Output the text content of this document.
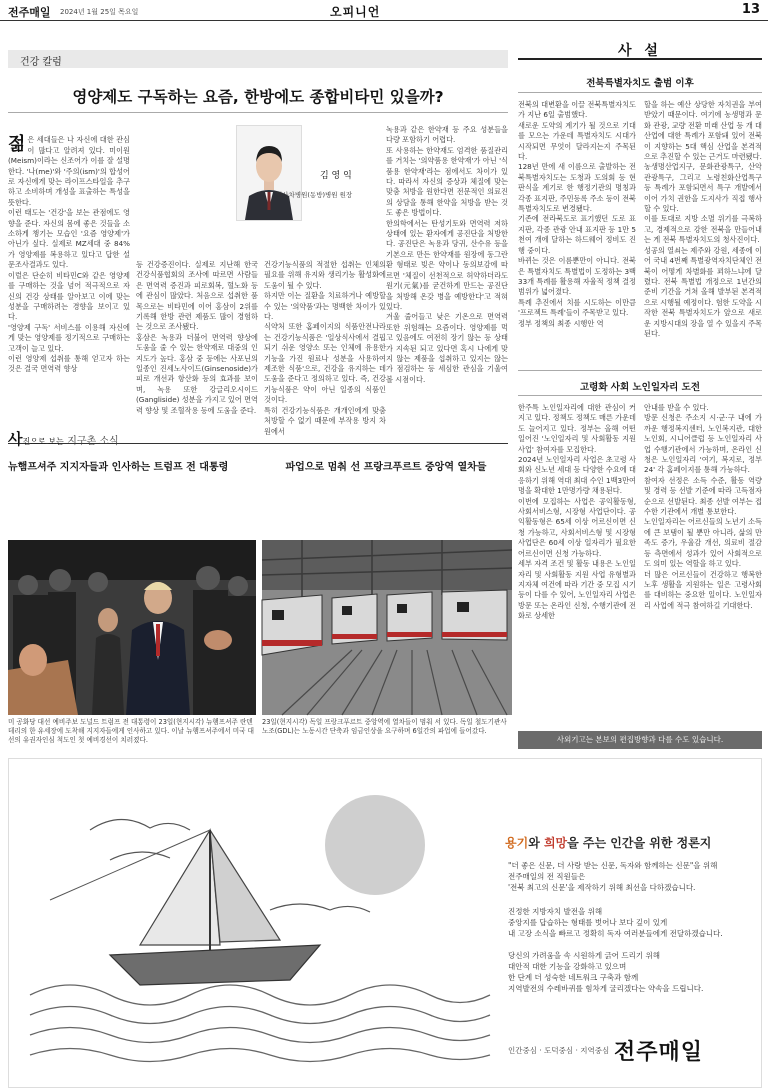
전주매일 2024년 1월 25일 목요일	오피니언	13
건강 칼럼
영양제도 구독하는 요즘, 한방에도 종합비타민 있을까?

젊은 세대들은 나 자신에 대한 관심이 많다고 알려져 있다. 미이원(Meism)이라는 신조어가 이를 잘 설명한다. '나(me)'와 '주의(ism)'의 합성어로 자신에게 맞는 라이프스타일을 추구하고 소비하며 개성을 표출하는 특성을 뜻한다.
이런 태도는 '건강'을 보는 관점에도 영향을 준다. 자신의 몸에 좋은 것들을 소소하게 챙기는 모습인 '요즘 영양제'가 아닌가 싶다. 실제로 MZ세대 중 84%가 영양제를 복용하고 있다고 답한 설문조사결과도 있다.
이럴은 단순히 비타민C와 같은 영양제를 구매하는 것을 넘어 적극적으로 자신의 건강 상태를 알아보고 이에 맞는 성분을 구매하려는 경향을 보이고 있다.
'영양제 구독' 서비스를 이용해 자신에게 맞는 영양제를 정기적으로 구매하는 고객이 늘고 있다.
이런 영양제 섭취를 통해 얻고자 하는 것은 결국 면역력 향상

김 영 익
원산차병원(동방)병원 원장
등 건강증진이다. 실제로 지난해 한국건강식품협회의 조사에 따르면 사람들은 면역력 증진과 피로회복, 혈노화 등에 관심이 많았다. 처음으로 섭취한 품목으로는 비타민에 이어 홍삼이 2위를 기록해 한방 관련 제품도 많이 경험하는 것으로 조사됐다.
홍삼은 녹용과 더불어 면역력 향상에 도움을 줄 수 있는 한약재로 대중의 인지도가 높다. 홍삼 중 등에는 사포닌의 일종인 진세노사이드(Ginsenoside)가 피로 개선과 항산화 등의 효과를 보이며, 녹용 또한 강글리오시이드(Gangliside) 성분을 가지고 있어 면역력 향상 및 조혈작용 등에 도움을 준다.
건강기능식품의 적절한 섭취는 인체의 필요를 위해 유지와 생리기능 활성화에 도움이 될 수 있다.
하지만 이는 질환을 치료하거나 예방할 수 있는 '의약품'과는 명백한 차이가 있다.
식약처 또한 홈페이지의 식품안전나라는 건강기능식품은 '일상식사에서 결핍되기 쉬운 영양소 또는 인체에 유용한 기능을 가진 원료나 성분을 사용하여 제조한 식품'으로, 건강을 유지하는 데 도움을 준다고 정의하고 있다. 즉, 건강기능식품은 약이 아닌 일종의 식품인 것이다.
특히 건강기능식품은 개개인에게 맞춤 처방할 수 없기 때문에 부작용 방지 차원에서
녹용과 같은 한약재 등 주요 성분들을 다량 포함하기 어렵다.
또 사용하는 한약재도 엄격한 품질관리를 거치는 '의약품용 한약재'가 아닌 '식품용 한약재'라는 점에서도 차이가 있다. 따라서 자신의 증상과 체질에 맞는 맞춤 처방을 원한다면 전문적인 의료진의 상담을 통해 한약을 처방을 받는 것도 좋은 방법이다.
한의학에서는 탄성기토와 면역력 저하 상태에 있는 환자에게 공진단을 처방한다. 공진단은 녹용과 당귀, 산수유 등을 기본으로 만든 한약재를 원장에 동그란 환 형태로 빚은 약이나 동의보감에 따르면 '체질이 선천적으로 허약하더라도 원기(元氣)를 굳건하게 만드는 공진단을 처방해 온갖 병을 예방한다'고 적혀있다.
겨울 줄어들고 낮은 기온으로 면역력 또한 위험해는 요즘이다. 영양제를 먹고 있음에도 여전히 장기 않는 등 상태가 지속된 되고 있다면 혹시 나에게 맞지 않는 제품을 섭취하고 있지는 않는가 점검하는 등 세심한 관심을 기울여볼 시점이다.
사 설
전북특별자치도 출범 이후
전북의 대변환을 이끌 전북특별자치도가 지난 6일 출범했다.
새로운 도약의 계기가 될 것으로 기대를 모으는 가운데 특별자치도 시대가 시작되면 무엇이 달라지는지 주목된다.
128년 만에 새 이름으로 출발하는 전북특별자치도는 도청과 도의회 등 현판식을 계기로 한 행정기관의 명칭과 각종 표지판, 주민등록 주소 등이 전북특별자치도로 변경됐다.
기존에 전라북도로 표기했던 도로 표지판, 각종 관광 안내 표지판 등 1만 5천여 개에 달하는 하드웨어 정비도 진행 중이다.
바뀌는 것은 이름뿐만이 아니다. 전북은 특별자치도 특별법이 도정하는 3백33개 특례를 활용해 자율적 정책 결정 범위가 넓어졌다.
특례 추진에서 치를 시도하는 이만큼 '프로젝트 특례'들이 주목받고 있다.
정부 정책의 최종 시행안 역
할을 하는 예산 상당한 자치권을 부여받았기 때문이다. 여기에 농생명과 문화 관광, 교량 전환 미래 산업 등 개 대 산업에 대한 특례가 포함돼 있어 전북이 지향하는 5대 핵심 산업을 본격적으로 추진할 수 있는 근거도 마련됐다.
농생명산업지구, 문화관광특구, 산악관광특구, 그리고 노령친화산업특구 등 특례가 포함되면서 특구 개발에서 이어 가치 권한을 도지사가 직접 행사할 수 있다.
이를 토대로 지방 소멸 위기를 극복하고, 경제적으로 강한 전북을 만들어내는 게 전북 특별자치도의 청사진이다.
성공의 열쇠는 제주와 강원, 세종에 이어 국내 4번째 특별광역자치단체인 전북이 어떻게 차별화를 꾀하느냐에 달렸다. 전북 특별법 개정으로 1년간의 준비 기간을 거쳐 올해 발부된 본격적으로 시행될 예정이다. 험한 도약을 시작한 전북 특별자치도가 앞으로 새로운 지방시대의 장을 열 수 있을지 주목된다.
고령화 사회 노인일자리 도전
한주특 노인일자리에 대한 관심이 커지고 있다. 정책도 정책도 매른 가운데도 늘어지고 있다. 정부는 올해 어떤 일어진 '노인일자리 및 사회활동 지원사업' 참여자를 모집한다.
2024년 노인일자리 사업은 초고령 사회와 신노년 세대 등 다양한 수요에 대응하기 위해 역대 최대 수인 1백3만여명을 확대한 1만명가량 채용된다.
이번에 모집하는 사업은 공익활동형, 사회서비스형, 시장형 사업단이다. 공익활동형은 65세 이상 어르신이면 신청 가능하고, 사회서비스형 및 시장형 사업단은 60세 이상 일자리가 필요한 어르신이면 신청 가능하다.
세부 자격 조건 및 활동 내용은 노인일자리 및 사회활동 지원 사업 유형별과 지자체 여건에 따라 기간 중 모집 시기 등이 다를 수 있어, 노인일자리 사업은 방문 또는 온라인 신청, 수행기관에 전화로 상세한
안내를 받을 수 있다.
방문 신청은 주소지 시·군·구 내에 가까운 행정복지센터, 노인복지관, 대한노인회, 시니어클럽 등 노인일자리 사업 수행기관에서 가능하며, 온라인 신청은 노인일자리 '여기, 복지로, 정부24' 각 홈페이지를 통해 가능하다.
참여자 선정은 소득 수준, 활동 역량 및 경력 등 선발 기준에 따라 고득점자 순으로 선발된다. 최종 선발 여부는 접수한 기관에서 개별 통보한다.
노인일자리는 어르신들의 노년기 소득에 큰 보탬이 될 뿐만 아니라, 삶의 만족도 증가, 우울감 개선, 의료비 절감 등 측면에서 성과가 있어 사회적으로도 의미 있는 역할을 하고 있다.
더 많은 어르신들이 건강하고 행복한 노후 생활을 지원하는 일은 고령사회를 대비하는 중요한 일이다. 노인일자리 사업에 적극 참여하길 기대한다.
사외기고는 본보의 편집방향과 다를 수도 있습니다.
사진으로 보는 지구촌 소식
뉴햄프셔주 지지자들과 인사하는 트럼프 전 대통령	파업으로 멈춰 선 프랑크푸르트 중앙역 열차들
미 공화당 대선 예비주보 도널드 트럼프 전 대통령이 23일(현지시각) 뉴햄프셔주 란덴데리의 한 유세장에 도착해 지지자들에게 인사하고 있다. 이날 뉴햄프셔주에서 미국 대선의 유권자인심 척도인 첫 예비경선이 치러졌다.
23일(현지시각) 독일 프랑크푸르트 중앙역에 열차들이 멈춰 서 있다. 독일 철도기관사노조(GDL)는 노동시간 단축과 임금인상을 요구하며 6일간의 파업에 들어갔다.
용기와 희망을 주는 인간을 위한 정론지
"더 좋은 신문, 더 사랑 받는 신문, 독자와 함께하는 신문"을 위해
전주매일의 전 직원들은
'전북 최고의 신문'을 제작하기 위해 최선을 다하겠습니다.
진정한 지방자치 발전을 위해
중앙지를 답습하는 형태를 벗어나 보다 깊이 있게
내 고장 소식을 빠르고 정확히 독자 여러분들에게 전달하겠습니다.
당신의 가려움을 속 시원하게 긁어 드리기 위해
대안적 대한 기능을 강화하고 있으며
한 단계 더 성숙한 네트워크 구축과 함께
지역발전의 수레바퀴를 힘차게 굴리겠다는 약속을 드립니다.
인간중심 · 도덕중심 · 지역중심 전주매일
